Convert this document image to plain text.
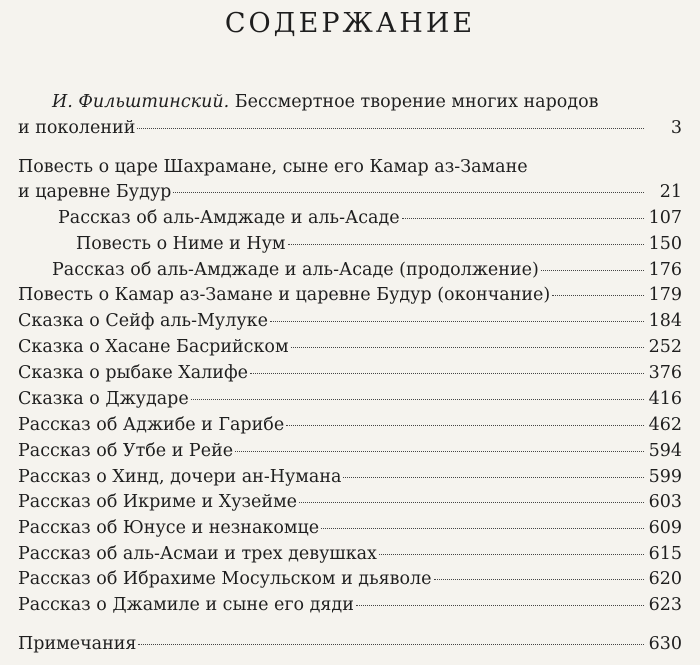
СОДЕРЖАНИЕ
И. Фильштинский. Бессмертное творение многих народов
и поколений	3
Повесть о царе Шахрамане, сыне его Камар аз-Замане
и царевне Будур	21
Рассказ об аль-Амджаде и аль-Асаде	107
Повесть о Ниме и Нум	150
Рассказ об аль-Амджаде и аль-Асаде (продолжение)	176
Повесть о Камар аз-Замане и царевне Будур (окончание)	179
Сказка о Сейф аль-Мулуке	184
Сказка о Хасане Басрийском	252
Сказка о рыбаке Халифе	376
Сказка о Джударе	416
Рассказ об Аджибе и Гарибе	462
Рассказ об Утбе и Рейе	594
Рассказ о Хинд, дочери ан-Нумана	599
Рассказ об Икриме и Хузейме	603
Рассказ об Юнусе и незнакомце	609
Рассказ об аль-Асмаи и трех девушках	615
Рассказ об Ибрахиме Мосульском и дьяволе	620
Рассказ о Джамиле и сыне его дяди	623
Примечания	630
